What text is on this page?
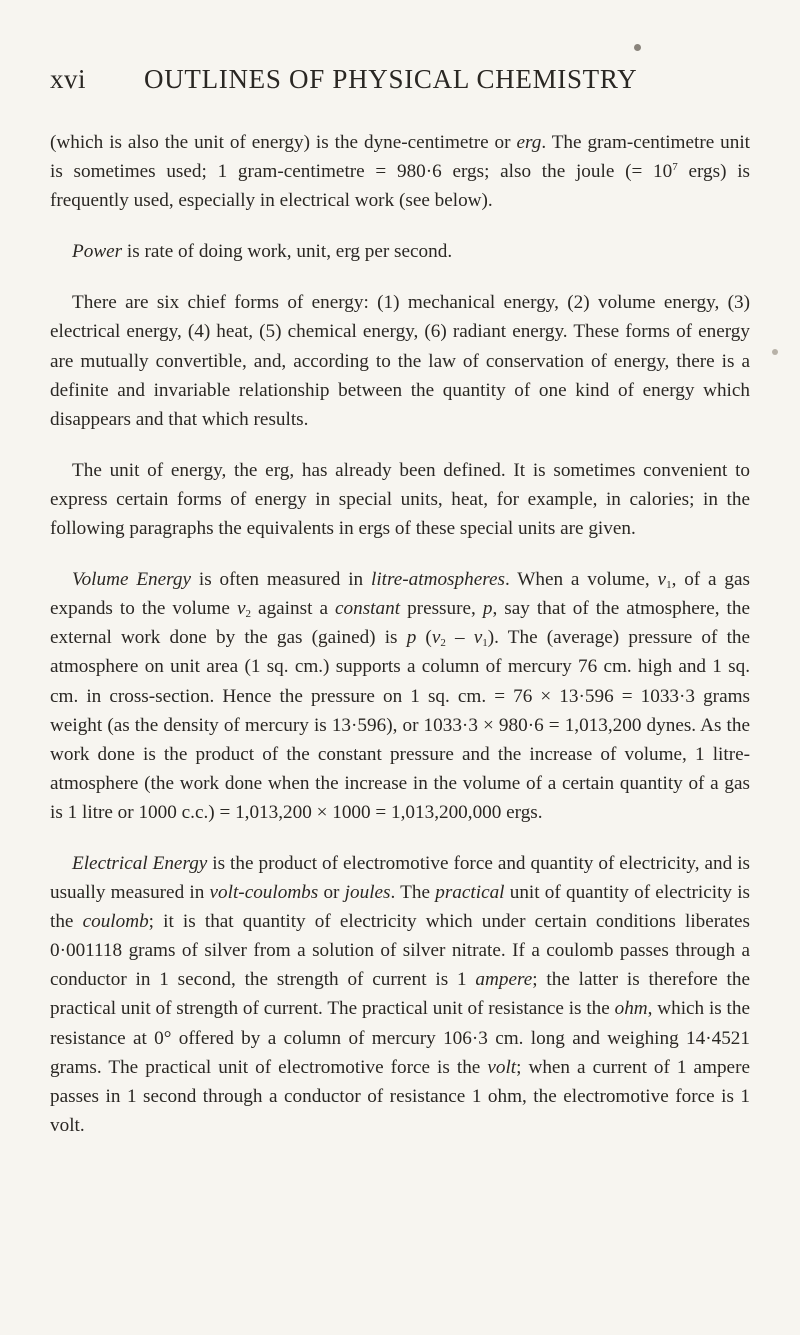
xvi OUTLINES OF PHYSICAL CHEMISTRY

(which is also the unit of energy) is the dyne-centimetre or erg. The gram-centimetre unit is sometimes used; 1 gram-centimetre = 980·6 ergs; also the joule (= $10^7$ ergs) is frequently used, especially in electrical work (see below).

Power is rate of doing work, unit, erg per second.

There are six chief forms of energy: (1) mechanical energy, (2) volume energy, (3) electrical energy, (4) heat, (5) chemical energy, (6) radiant energy. These forms of energy are mutually convertible, and, according to the law of conservation of energy, there is a definite and invariable relationship between the quantity of one kind of energy which disappears and that which results.

The unit of energy, the erg, has already been defined. It is sometimes convenient to express certain forms of energy in special units, heat, for example, in calories; in the following paragraphs the equivalents in ergs of these special units are given.

Volume Energy is often measured in litre-atmospheres. When a volume, $v_1$, of a gas expands to the volume $v_2$ against a constant pressure, p, say that of the atmosphere, the external work done by the gas (gained) is p $(v_2 - v_1)$. The (average) pressure of the atmosphere on unit area (1 sq. cm.) supports a column of mercury 76 cm. high and 1 sq. cm. in cross-section. Hence the pressure on 1 sq. cm. = 76 × 13·596 = 1033·3 grams weight (as the density of mercury is 13·596), or 1033·3 × 980·6 = 1,013,200 dynes. As the work done is the product of the constant pressure and the increase of volume, 1 litre-atmosphere (the work done when the increase in the volume of a certain quantity of a gas is 1 litre or 1000 c.c.) = 1,013,200 × 1000 = 1,013,200,000 ergs.

Electrical Energy is the product of electromotive force and quantity of electricity, and is usually measured in volt-coulombs or joules. The practical unit of quantity of electricity is the coulomb; it is that quantity of electricity which under certain conditions liberates 0·001118 grams of silver from a solution of silver nitrate. If a coulomb passes through a conductor in 1 second, the strength of current is 1 ampere; the latter is therefore the practical unit of strength of current. The practical unit of resistance is the ohm, which is the resistance at 0° offered by a column of mercury 106·3 cm. long and weighing 14·4521 grams. The practical unit of electromotive force is the volt; when a current of 1 ampere passes in 1 second through a conductor of resistance 1 ohm, the electromotive force is 1 volt.
